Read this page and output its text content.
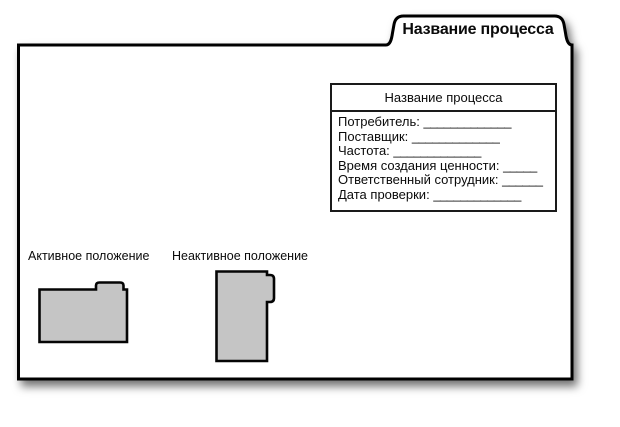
Название процесса
Название процесса
Потребитель: _____________
Поставщик: _____________
Частота: _____________
Время создания ценности: _____
Ответственный сотрудник: ______
Дата проверки: _____________
Активное положение Неактивное положение
